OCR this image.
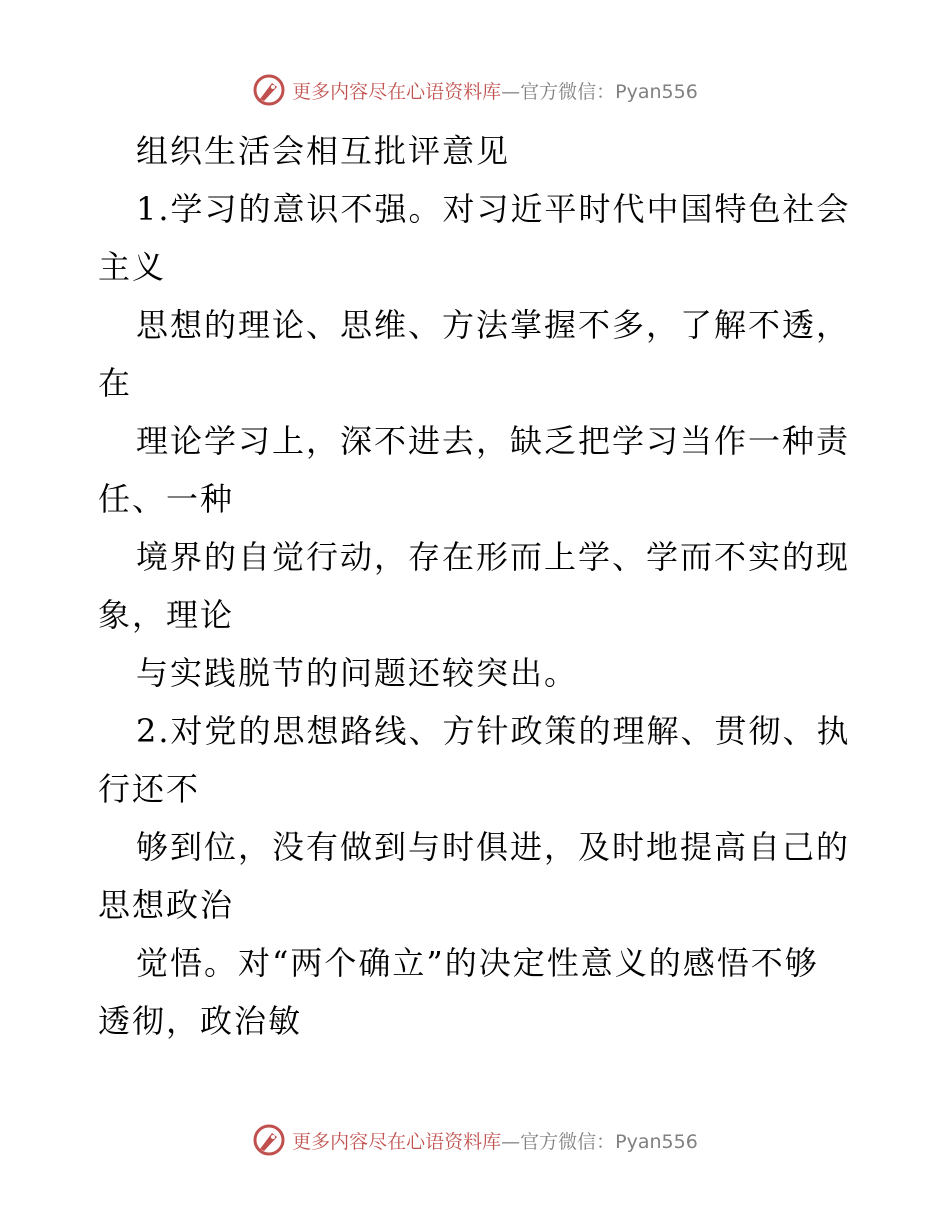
更多内容尽在心语资料库—官方微信：Pyan556
组织生活会相互批评意见
1.学习的意识不强。对习近平时代中国特色社会
主义
思想的理论、思维、方法掌握不多，了解不透，
在
理论学习上，深不进去，缺乏把学习当作一种责
任、一种
境界的自觉行动，存在形而上学、学而不实的现
象，理论
与实践脱节的问题还较突出。
2.对党的思想路线、方针政策的理解、贯彻、执
行还不
够到位，没有做到与时俱进，及时地提高自己的
思想政治
觉悟。对“两个确立”的决定性意义的感悟不够
透彻，政治敏
更多内容尽在心语资料库—官方微信：Pyan556
